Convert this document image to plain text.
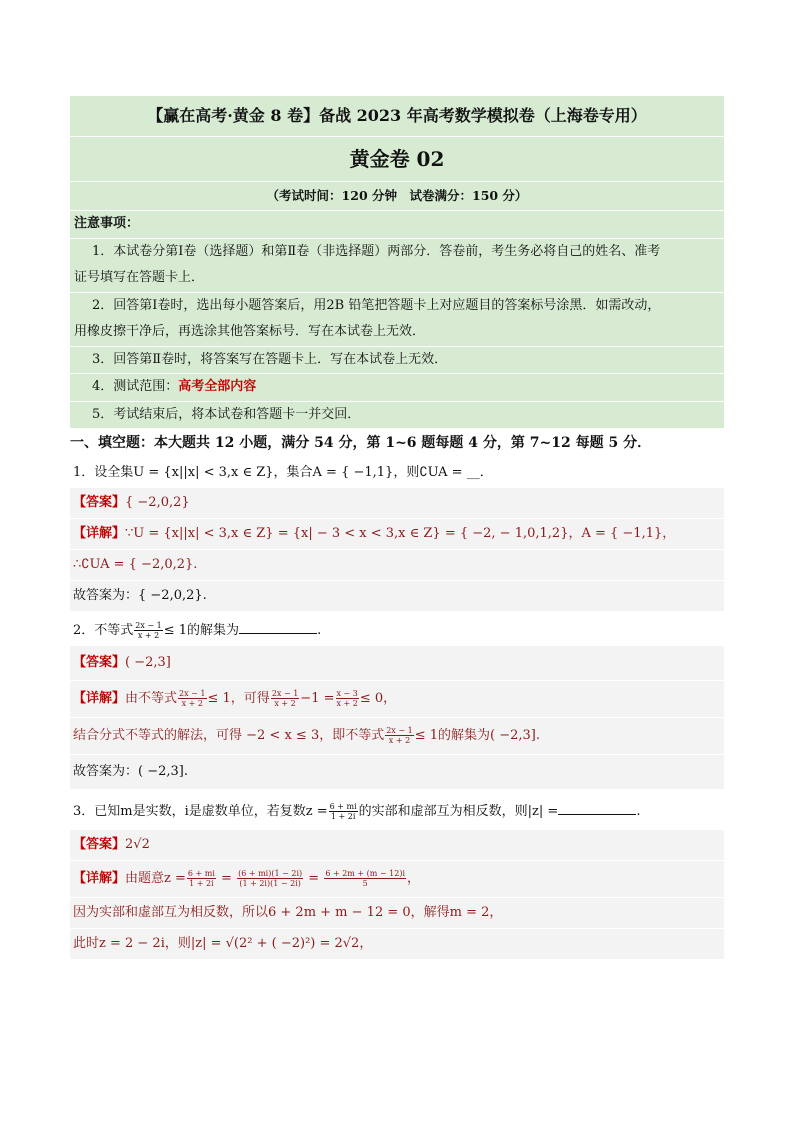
【赢在高考·黄金 8 卷】备战 2023 年高考数学模拟卷（上海卷专用）
黄金卷 02
（考试时间：120 分钟　试卷满分：150 分）
注意事项：
1．本试卷分第Ⅰ卷（选择题）和第Ⅱ卷（非选择题）两部分．答卷前，考生务必将自己的姓名、准考
证号填写在答题卡上．
2．回答第Ⅰ卷时，选出每小题答案后，用2B 铅笔把答题卡上对应题目的答案标号涂黑．如需改动，
用橡皮擦干净后，再选涂其他答案标号．写在本试卷上无效．
3．回答第Ⅱ卷时，将答案写在答题卡上．写在本试卷上无效．
4．测试范围：高考全部内容
5．考试结束后，将本试卷和答题卡一并交回．
一、填空题：本大题共 12 小题，满分 54 分，第 1~6 题每题 4 分，第 7~12 每题 5 分．
1．设全集U = {x||x| < 3,x ∈ Z}，集合A = { −1,1}，则∁UA = __．
【答案】{ −2,0,2}
【详解】∵U = {x||x| < 3,x ∈ Z} = {x| − 3 < x < 3,x ∈ Z} = { −2, − 1,0,1,2}，A = { −1,1}，
∴∁UA = { −2,0,2}.
故答案为：{ −2,0,2}.
2．不等式 $\frac{2x - 1}{x + 2} \le 1$的解集为	.
【答案】( −2,3]
【详解】由不等式 $\frac{2x - 1}{x + 2} \le 1$，可得 $\frac{2x - 1}{x + 2} -1 = \frac{x - 3}{x + 2} \le 0$，
结合分式不等式的解法，可得 −2 < x ≤ 3，即不等式 $\frac{2x - 1}{x + 2} \le 1$的解集为( −2,3].
故答案为：( −2,3].
3．已知m是实数，i是虚数单位，若复数$z = \frac{6 + mi}{1 + 2i}$ 的实部和虚部互为相反数，则|z| =	.
【答案】2√2
【详解】由题意$z = \frac{6 + mi}{1 + 2i} = \frac{(6 + mi)(1 - 2i)}{(1 + 2i)(1 - 2i)} = \frac{6 + 2m + (m - 12)i}{5}$ ，
因为实部和虚部互为相反数，所以6 + 2m + m − 12 = 0，解得m = 2，
此时z = 2 − 2i，则|z| = √(2² + ( −2)²) = 2√2，
